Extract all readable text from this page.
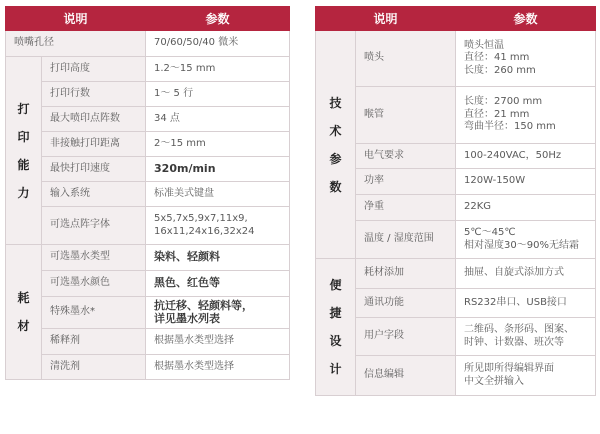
说明		参数
喷嘴孔径		70/60/50/40 微米

打
印
能
力	打印高度	1.2～15 mm
	打印行数	1～ 5 行
	最大喷印点阵数	34 点
	非接触打印距离	2～15 mm
	最快打印速度	320m/min
	输入系统	标准美式键盘
	可选点阵字体	5x5,7x5,9x7,11x9,
16x11,24x16,32x24

耗
材	可选墨水类型	染料、轻颜料
	可选墨水颜色	黑色、红色等
	特殊墨水*	抗迁移、轻颜料等，
详见墨水列表

	稀释剂	根据墨水类型选择
	清洗剂	根据墨水类型选择
说明		参数

技
术
参
数	喷头	喷头恒温
直径：41 mm
长度：260 mm

	喉管	长度：2700 mm
直径：21 mm
弯曲半径：150 mm

	电气要求	100-240VAC，50Hz
	功率	120W-150W
	净重	22KG
	温度 / 湿度范围	5℃～45℃
相对湿度30～90%无结霜

便
捷
设
计	耗材添加	抽屉、自旋式添加方式
	通讯功能	RS232串口、USB接口
	用户字段	二维码、条形码、图案、
时钟、计数器、班次等

	信息编辑	所见即所得编辑界面
中文全拼输入
